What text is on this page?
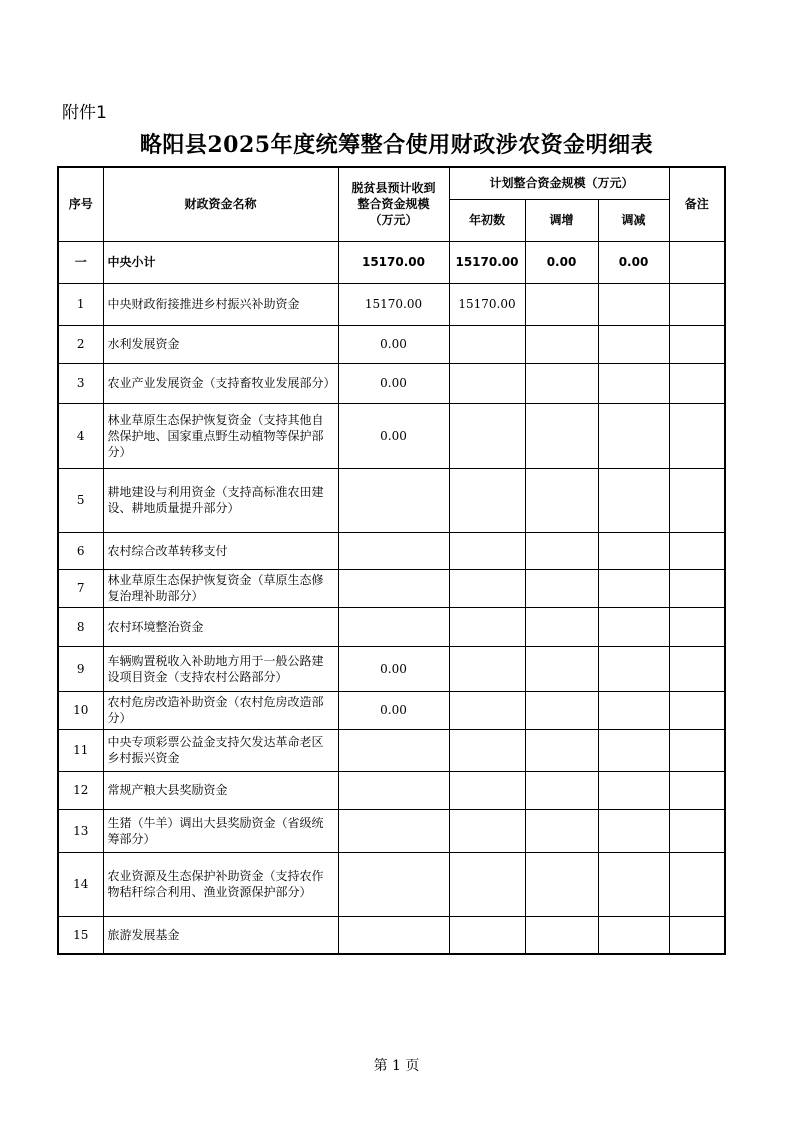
附件1
略阳县2025年度统筹整合使用财政涉农资金明细表
序号	财政资金名称	脱贫县预计收到整合资金规模（万元）	计划整合资金规模（万元）			备注
			年初数	调增	调减	
一	中央小计	15170.00	15170.00	0.00	0.00	
1	中央财政衔接推进乡村振兴补助资金	15170.00	15170.00			
2	水利发展资金	0.00				
3	农业产业发展资金（支持畜牧业发展部分）	0.00				
4	林业草原生态保护恢复资金（支持其他自然保护地、国家重点野生动植物等保护部分）	0.00				
5	耕地建设与利用资金（支持高标准农田建设、耕地质量提升部分）					
6	农村综合改革转移支付					
7	林业草原生态保护恢复资金（草原生态修复治理补助部分）					
8	农村环境整治资金					
9	车辆购置税收入补助地方用于一般公路建设项目资金（支持农村公路部分）	0.00				
10	农村危房改造补助资金（农村危房改造部分）	0.00				
11	中央专项彩票公益金支持欠发达革命老区乡村振兴资金					
12	常规产粮大县奖励资金					
13	生猪（牛羊）调出大县奖励资金（省级统筹部分）					
14	农业资源及生态保护补助资金（支持农作物秸秆综合利用、渔业资源保护部分）					
15	旅游发展基金					
第 1 页
